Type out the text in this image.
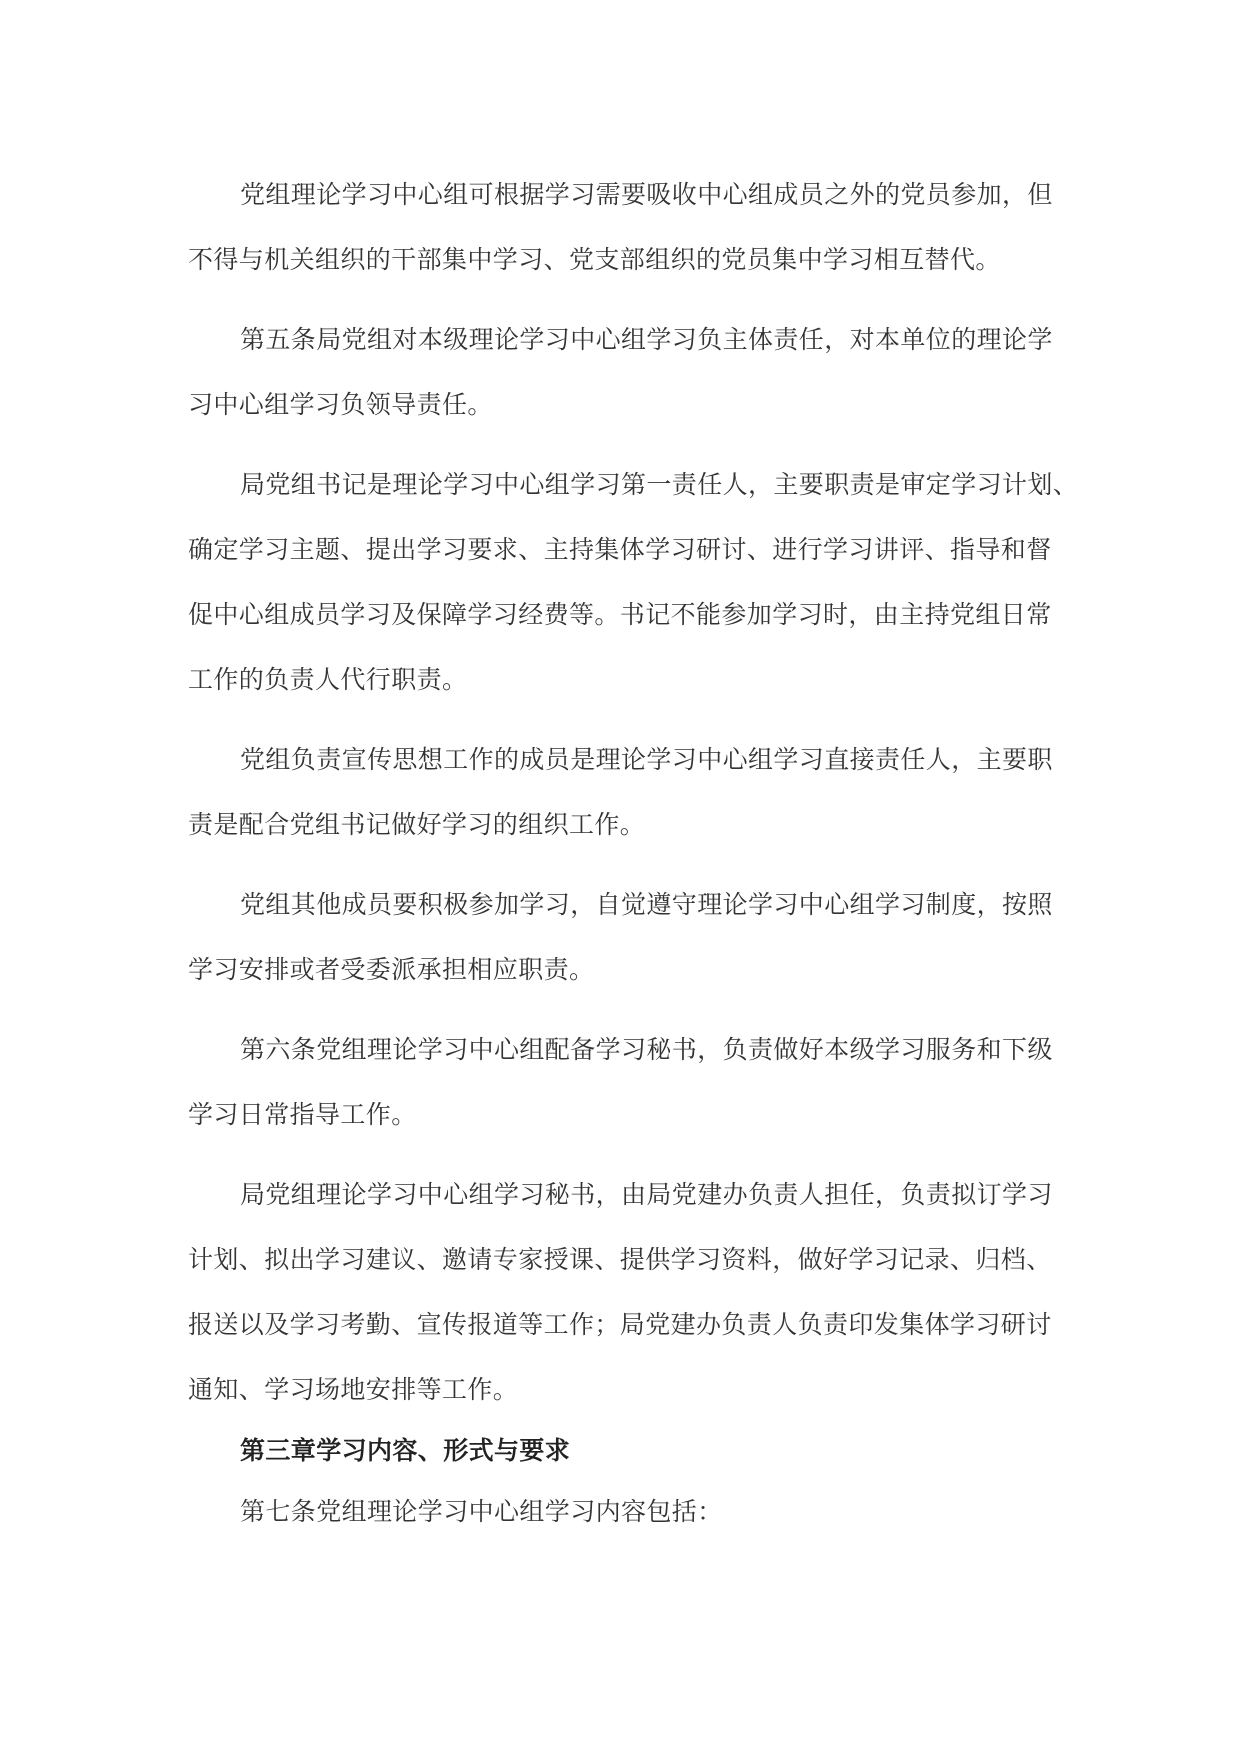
党组理论学习中心组可根据学习需要吸收中心组成员之外的党员参加，但
不得与机关组织的干部集中学习、党支部组织的党员集中学习相互替代。
第五条局党组对本级理论学习中心组学习负主体责任，对本单位的理论学
习中心组学习负领导责任。
局党组书记是理论学习中心组学习第一责任人，主要职责是审定学习计划、
确定学习主题、提出学习要求、主持集体学习研讨、进行学习讲评、指导和督
促中心组成员学习及保障学习经费等。书记不能参加学习时，由主持党组日常
工作的负责人代行职责。
党组负责宣传思想工作的成员是理论学习中心组学习直接责任人，主要职
责是配合党组书记做好学习的组织工作。
党组其他成员要积极参加学习，自觉遵守理论学习中心组学习制度，按照
学习安排或者受委派承担相应职责。
第六条党组理论学习中心组配备学习秘书，负责做好本级学习服务和下级
学习日常指导工作。
局党组理论学习中心组学习秘书，由局党建办负责人担任，负责拟订学习
计划、拟出学习建议、邀请专家授课、提供学习资料，做好学习记录、归档、
报送以及学习考勤、宣传报道等工作；局党建办负责人负责印发集体学习研讨
通知、学习场地安排等工作。
第三章学习内容、形式与要求
第七条党组理论学习中心组学习内容包括：
